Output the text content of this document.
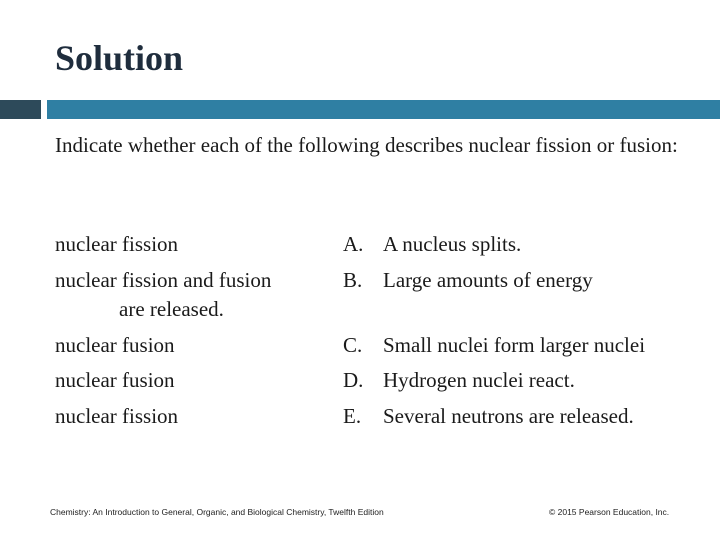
Solution

Indicate whether each of the following describes nuclear fission or fusion:

nuclear fission
nuclear fission and fusion
are released.
nuclear fusion
nuclear fusion
nuclear fission
A. A nucleus splits.
B. Large amounts of energy
C. Small nuclei form larger nuclei
D. Hydrogen nuclei react.
E. Several neutrons are released.
Chemistry: An Introduction to General, Organic, and Biological Chemistry, Twelfth Edition	© 2015 Pearson Education, Inc.
